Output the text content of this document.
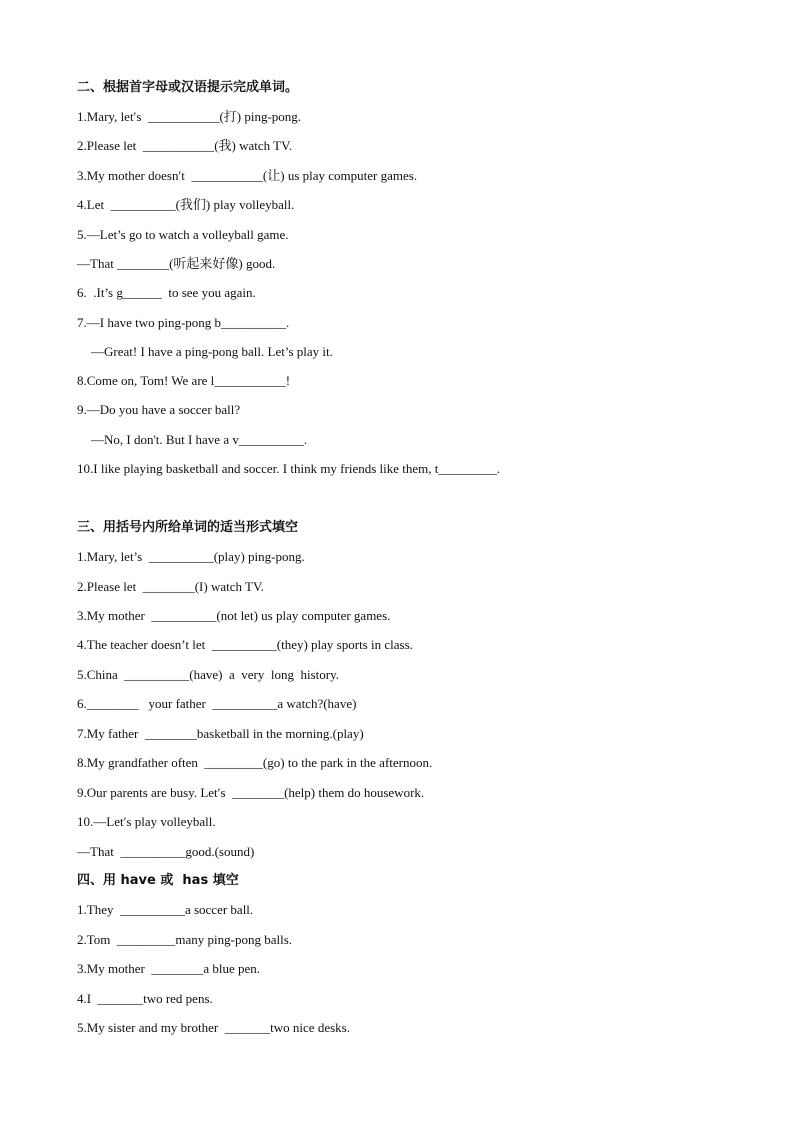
二、根据首字母或汉语提示完成单词。
1.Mary, let′s  ___________(打) ping-pong.
2.Please let  ___________(我) watch TV.
3.My mother doesn′t  ___________(让) us play computer games.
4.Let  __________(我们) play volleyball.
5.—Let’s go to watch a volleyball game.
—That ________(听起来好像) good.
6.  .It’s g______  to see you again.
7.—I have two ping-pong b__________.
—Great! I have a ping-pong ball. Let’s play it.
8.Come on, Tom! We are l___________!
9.—Do you have a soccer ball?
—No, I don't. But I have a v__________.
10.I like playing basketball and soccer. I think my friends like them, t_________.
三、用括号内所给单词的适当形式填空
1.Mary, let’s  __________(play) ping-pong.
2.Please let  ________(I) watch TV.
3.My mother  __________(not let) us play computer games.
4.The teacher doesn’t let  __________(they) play sports in class.
5.China  __________(have)  a  very  long  history.
6.________   your father  __________a watch?(have)
7.My father  ________basketball in the morning.(play)
8.My grandfather often  _________(go) to the park in the afternoon.
9.Our parents are busy. Let′s  ________(help) them do housework.
10.—Let′s play volleyball.
—That  __________good.(sound)
四、用 have 或  has 填空
1.They  __________a soccer ball.
2.Tom  _________many ping-pong balls.
3.My mother  ________a blue pen.
4.I  _______two red pens.
5.My sister and my brother  _______two nice desks.
